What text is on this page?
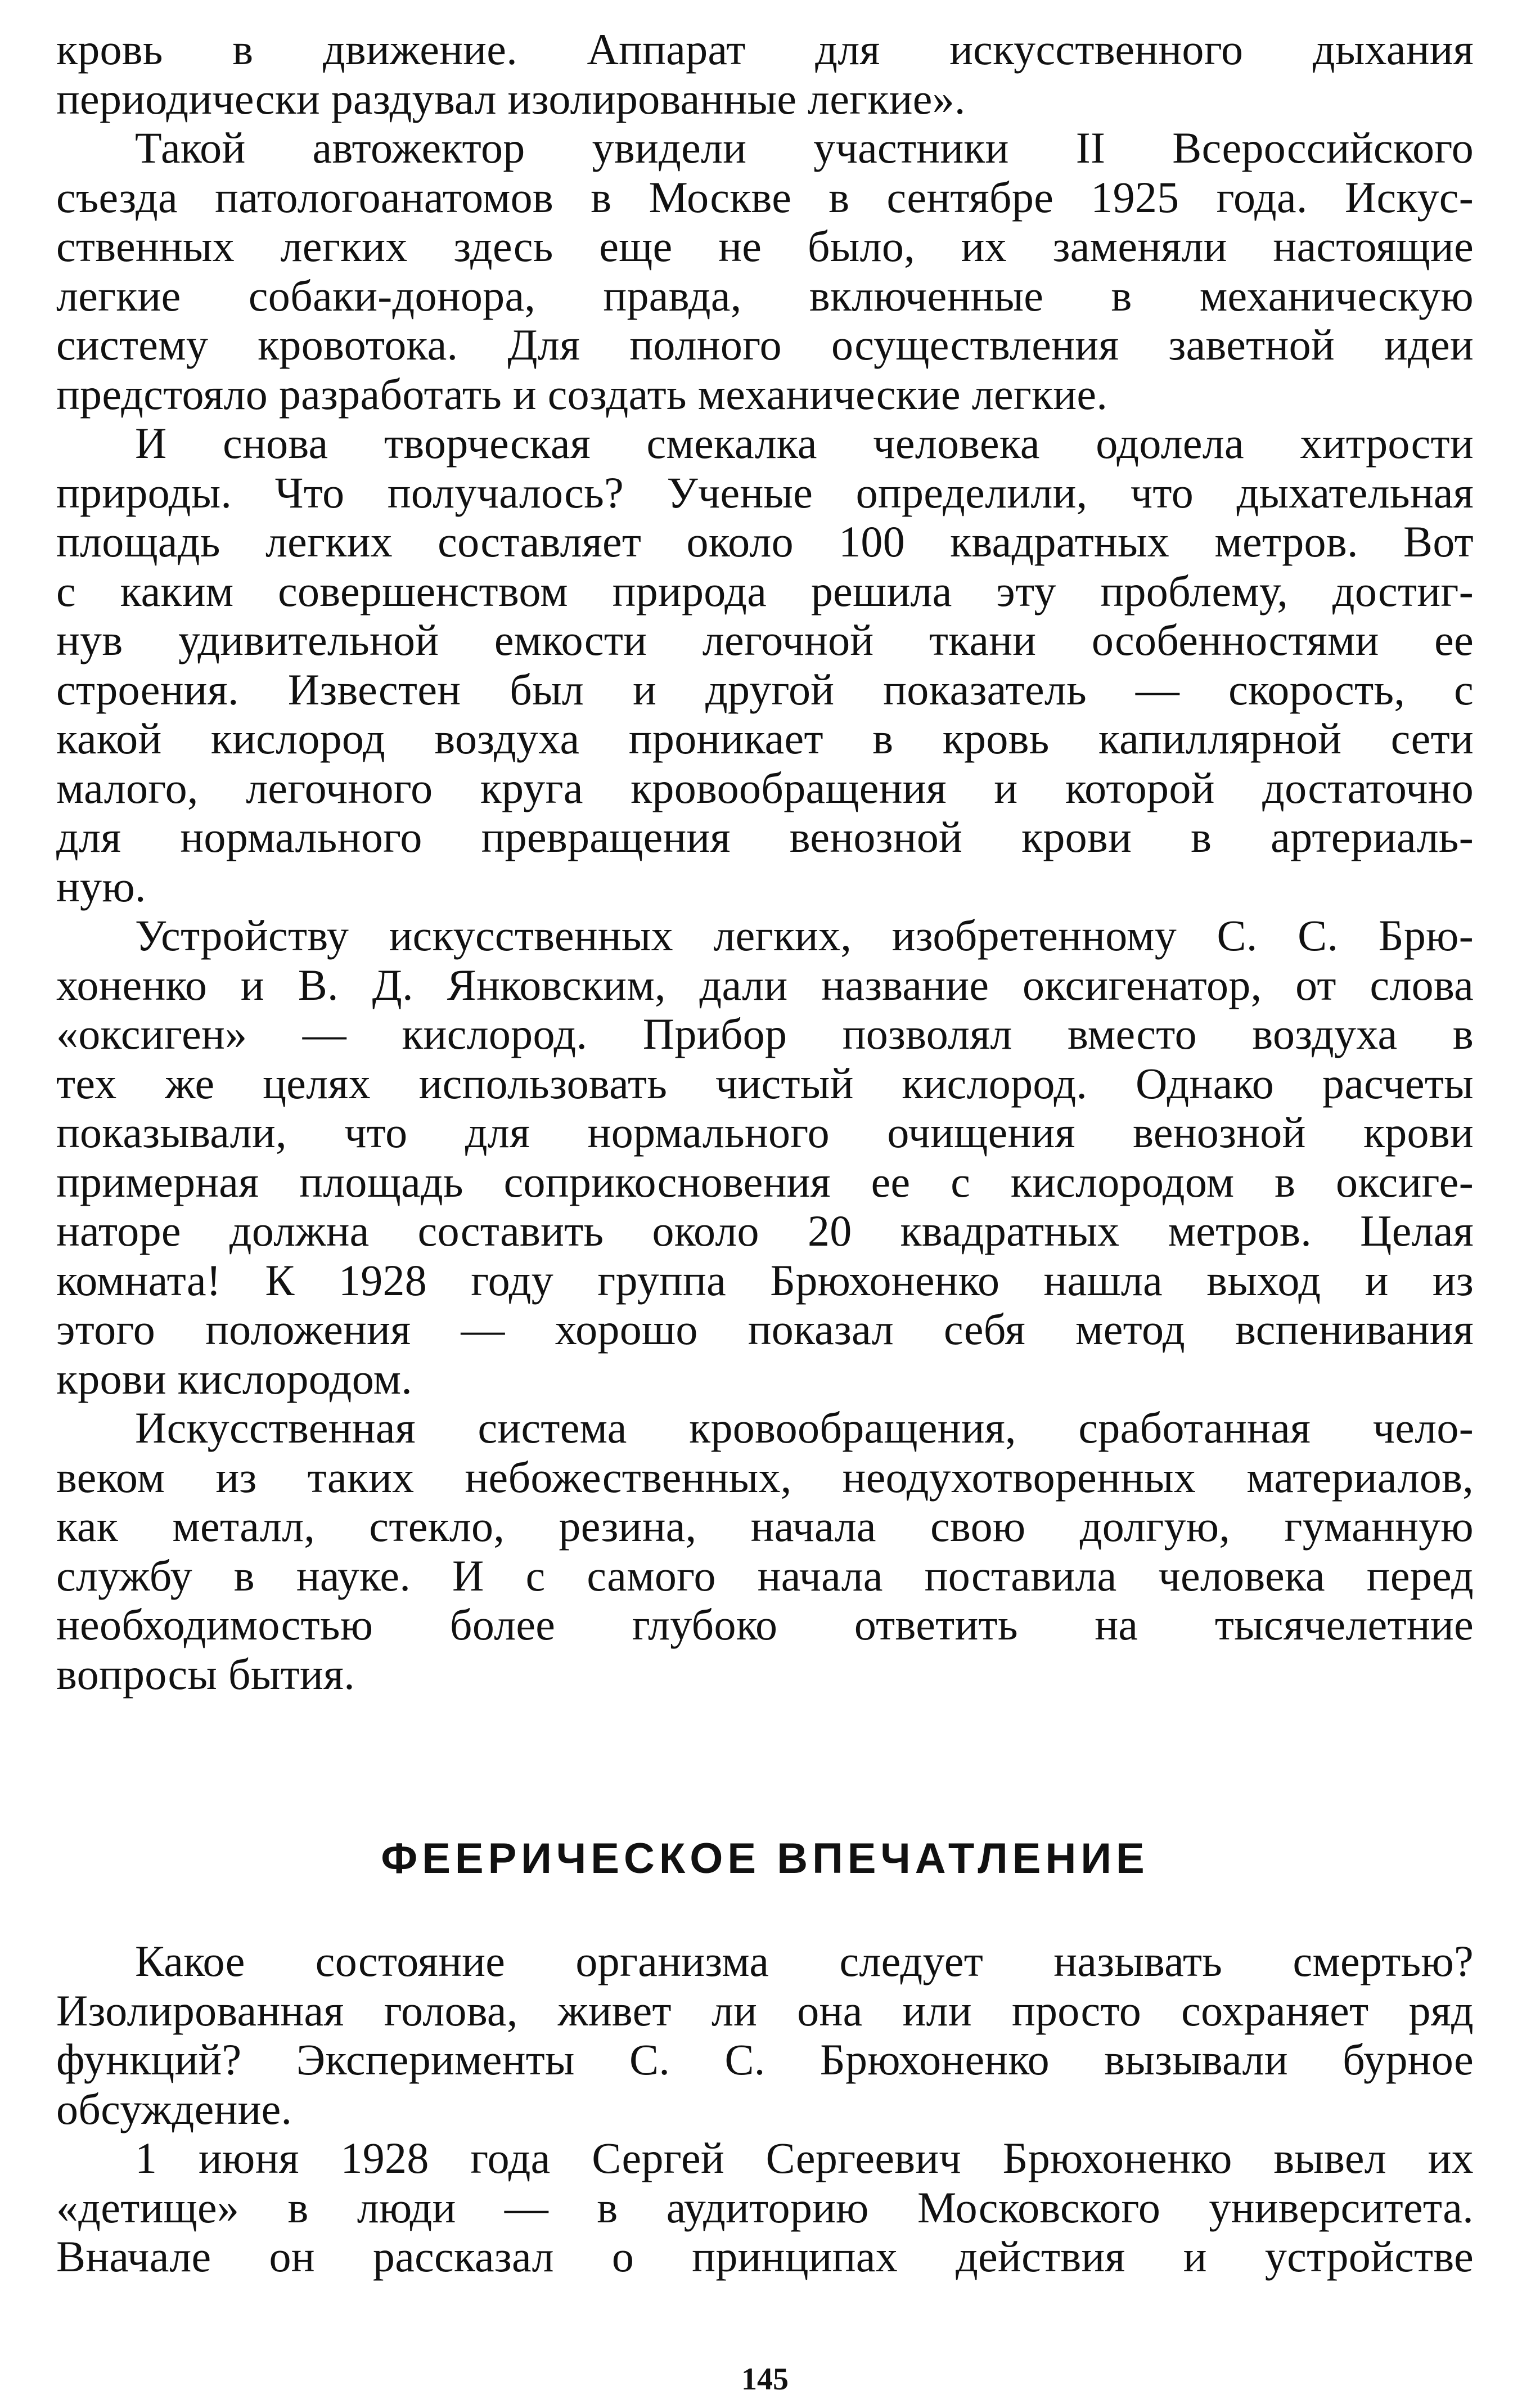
кровь в движение. Аппарат для искусственного дыхания
периодически раздувал изолированные легкие».
Такой автожектор увидели участники II Всероссийского
съезда патологоанатомов в Москве в сентябре 1925 года. Искус-
ственных легких здесь еще не было, их заменяли настоящие
легкие собаки-донора, правда, включенные в механическую
систему кровотока. Для полного осуществления заветной идеи
предстояло разработать и создать механические легкие.
И снова творческая смекалка человека одолела хитрости
природы. Что получалось? Ученые определили, что дыхательная
площадь легких составляет около 100 квадратных метров. Вот
с каким совершенством природа решила эту проблему, достиг-
нув удивительной емкости легочной ткани особенностями ее
строения. Известен был и другой показатель — скорость, с
какой кислород воздуха проникает в кровь капиллярной сети
малого, легочного круга кровообращения и которой достаточно
для нормального превращения венозной крови в артериаль-
ную.
Устройству искусственных легких, изобретенному С. С. Брю-
хоненко и В. Д. Янковским, дали название оксигенатор, от слова
«оксиген» — кислород. Прибор позволял вместо воздуха в
тех же целях использовать чистый кислород. Однако расчеты
показывали, что для нормального очищения венозной крови
примерная площадь соприкосновения ее с кислородом в оксиге-
наторе должна составить около 20 квадратных метров. Целая
комната! К 1928 году группа Брюхоненко нашла выход и из
этого положения — хорошо показал себя метод вспенивания
крови кислородом.
Искусственная система кровообращения, сработанная чело-
веком из таких небожественных, неодухотворенных материалов,
как металл, стекло, резина, начала свою долгую, гуманную
службу в науке. И с самого начала поставила человека перед
необходимостью более глубоко ответить на тысячелетние
вопросы бытия.
ФЕЕРИЧЕСКОЕ ВПЕЧАТЛЕНИЕ
Какое состояние организма следует называть смертью?
Изолированная голова, живет ли она или просто сохраняет ряд
функций? Эксперименты С. С. Брюхоненко вызывали бурное
обсуждение.
1 июня 1928 года Сергей Сергеевич Брюхоненко вывел их
«детище» в люди — в аудиторию Московского университета.
Вначале он рассказал о принципах действия и устройстве
145
